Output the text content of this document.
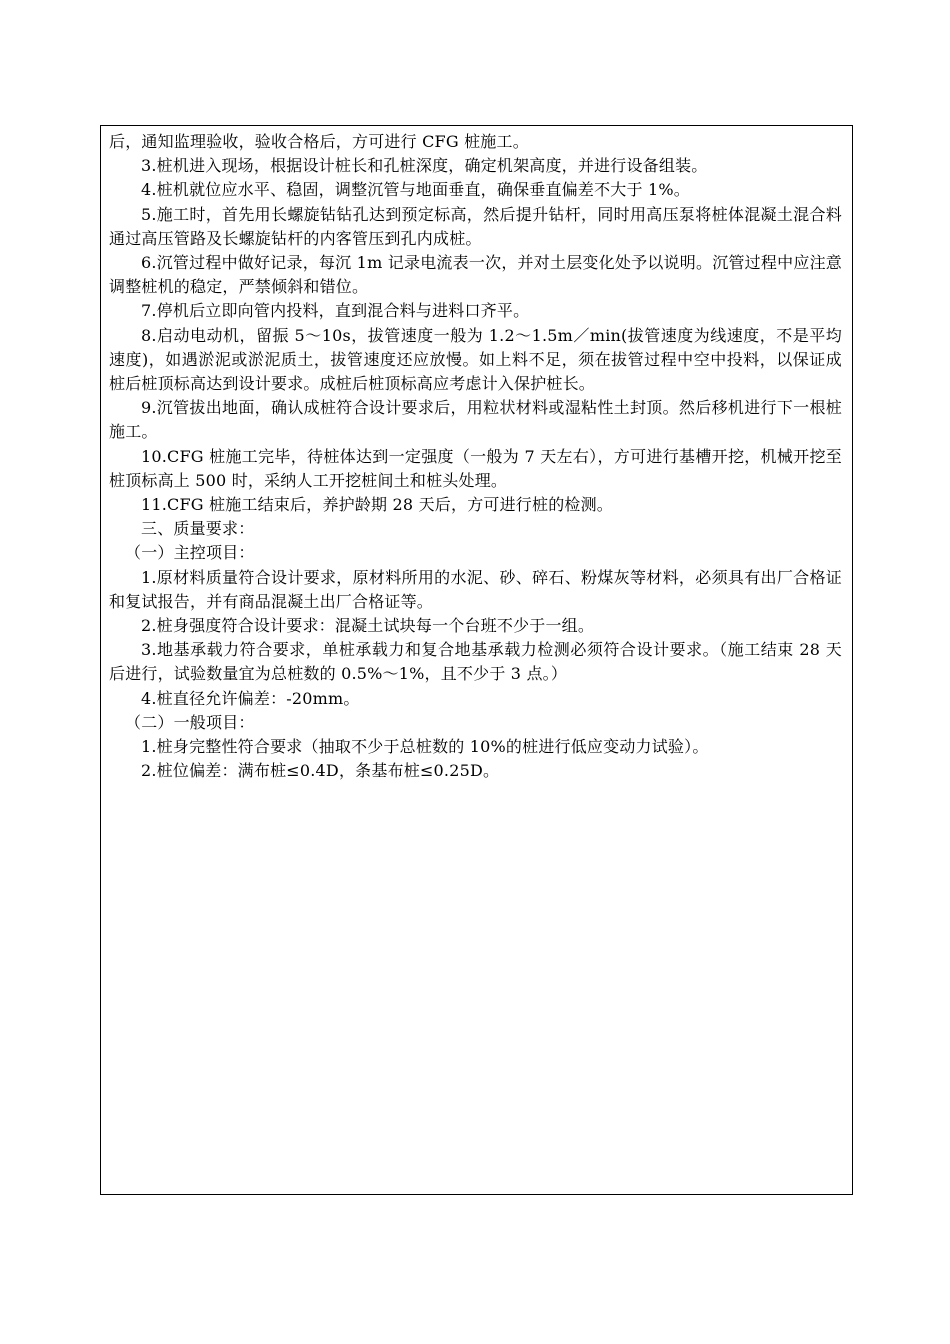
后，通知监理验收，验收合格后，方可进行 CFG 桩施工。

3.桩机进入现场，根据设计桩长和孔桩深度，确定机架高度，并进行设备组装。

4.桩机就位应水平、稳固，调整沉管与地面垂直，确保垂直偏差不大于 1%。

5.施工时，首先用长螺旋钻钻孔达到预定标高，然后提升钻杆，同时用高压泵将桩体混凝土混合料通过高压管路及长螺旋钻杆的内客管压到孔内成桩。

6.沉管过程中做好记录，每沉 1m 记录电流表一次，并对土层变化处予以说明。沉管过程中应注意调整桩机的稳定，严禁倾斜和错位。

7.停机后立即向管内投料，直到混合料与进料口齐平。

8.启动电动机，留振 5～10s，拔管速度一般为 1.2～1.5m／min(拔管速度为线速度，不是平均速度)，如遇淤泥或淤泥质土，拔管速度还应放慢。如上料不足，须在拔管过程中空中投料，以保证成桩后桩顶标高达到设计要求。成桩后桩顶标高应考虑计入保护桩长。

9.沉管拔出地面，确认成桩符合设计要求后，用粒状材料或湿粘性土封顶。然后移机进行下一根桩施工。

10.CFG 桩施工完毕，待桩体达到一定强度（一般为 7 天左右），方可进行基槽开挖，机械开挖至桩顶标高上 500 时，采纳人工开挖桩间土和桩头处理。

11.CFG 桩施工结束后，养护龄期 28 天后，方可进行桩的检测。

三、质量要求：

（一）主控项目：

1.原材料质量符合设计要求，原材料所用的水泥、砂、碎石、粉煤灰等材料，必须具有出厂合格证和复试报告，并有商品混凝土出厂合格证等。

2.桩身强度符合设计要求：混凝土试块每一个台班不少于一组。

3.地基承载力符合要求，单桩承载力和复合地基承载力检测必须符合设计要求。（施工结束 28 天后进行，试验数量宜为总桩数的 0.5%～1%，且不少于 3 点。）

4.桩直径允许偏差：-20mm。

（二）一般项目：

1.桩身完整性符合要求（抽取不少于总桩数的 10%的桩进行低应变动力试验）。

2.桩位偏差：满布桩≤0.4D，条基布桩≤0.25D。
